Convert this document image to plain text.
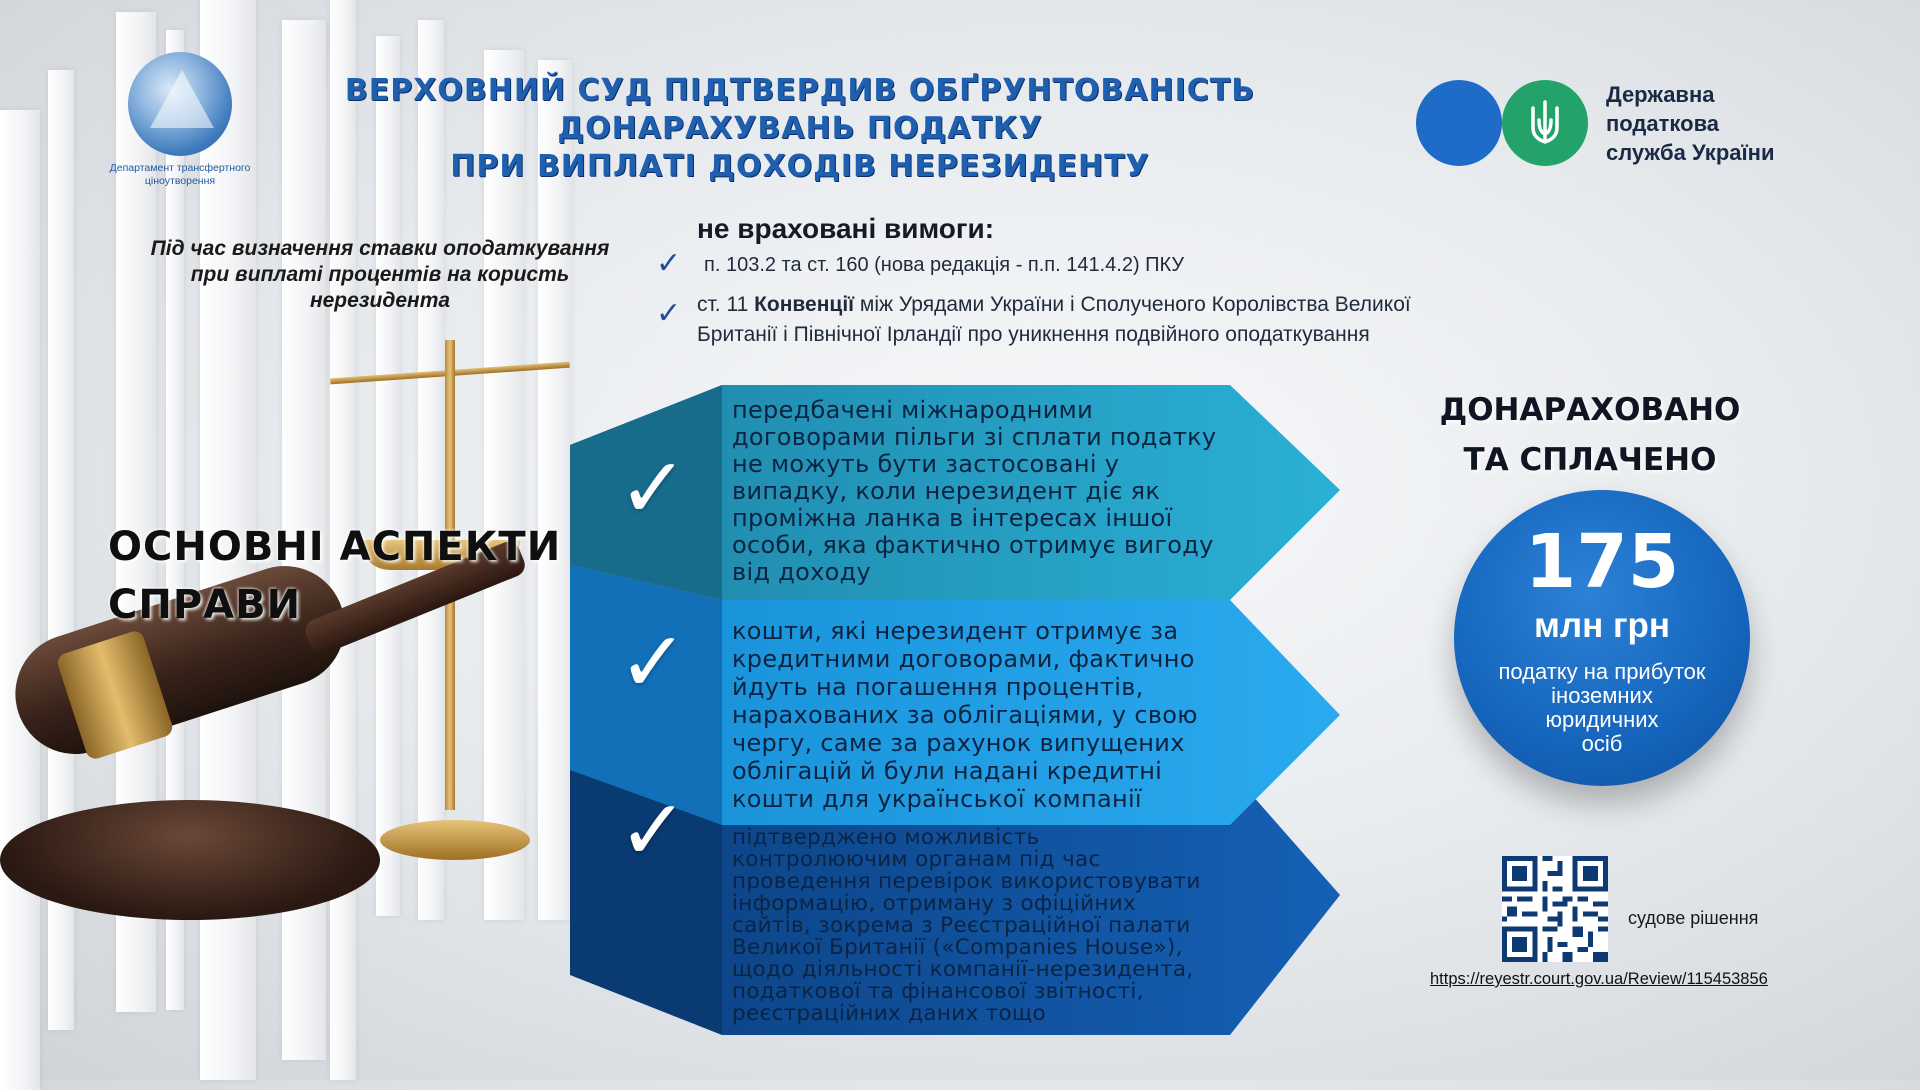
Департамент трансфертного ціноутворення
ВЕРХОВНИЙ СУД ПІДТВЕРДИВ ОБҐРУНТОВАНІСТЬ
ДОНАРАХУВАНЬ ПОДАТКУ
ПРИ ВИПЛАТІ ДОХОДІВ НЕРЕЗИДЕНТУ
Державна
податкова
служба України
Під час визначення ставки оподаткування
при виплаті процентів на користь
нерезидента
не враховані вимоги:
✓ п. 103.2 та ст. 160 (нова редакція - п.п. 141.4.2) ПКУ
✓ ст. 11 Конвенції між Урядами України і Сполученого Королівства Великої
Британії і Північної Ірландії про уникнення подвійного оподаткування
ОСНОВНІ АСПЕКТИ
СПРАВИ
✓
✓
✓
передбачені міжнародними
договорами пільги зі сплати податку
не можуть бути застосовані у
випадку, коли нерезидент діє як
проміжна ланка в інтересах іншої
особи, яка фактично отримує вигоду
від доходу
кошти, які нерезидент отримує за
кредитними договорами, фактично
йдуть на погашення процентів,
нарахованих за облігаціями, у свою
чергу, саме за рахунок випущених
облігацій й були надані кредитні
кошти для української компанії
підтверджено можливість
контролюючим органам під час
проведення перевірок використовувати
інформацію, отриману з офіційних
сайтів, зокрема з Реєстраційної палати
Великої Британії («Companies House»),
щодо діяльності компанії-нерезидента,
податкової та фінансової звітності,
реєстраційних даних тощо
ДОНАРАХОВАНО
ТА СПЛАЧЕНО
175
млн грн
податку на прибуток
іноземних
юридичних
осіб
судове рішення
https://reyestr.court.gov.ua/Review/115453856
